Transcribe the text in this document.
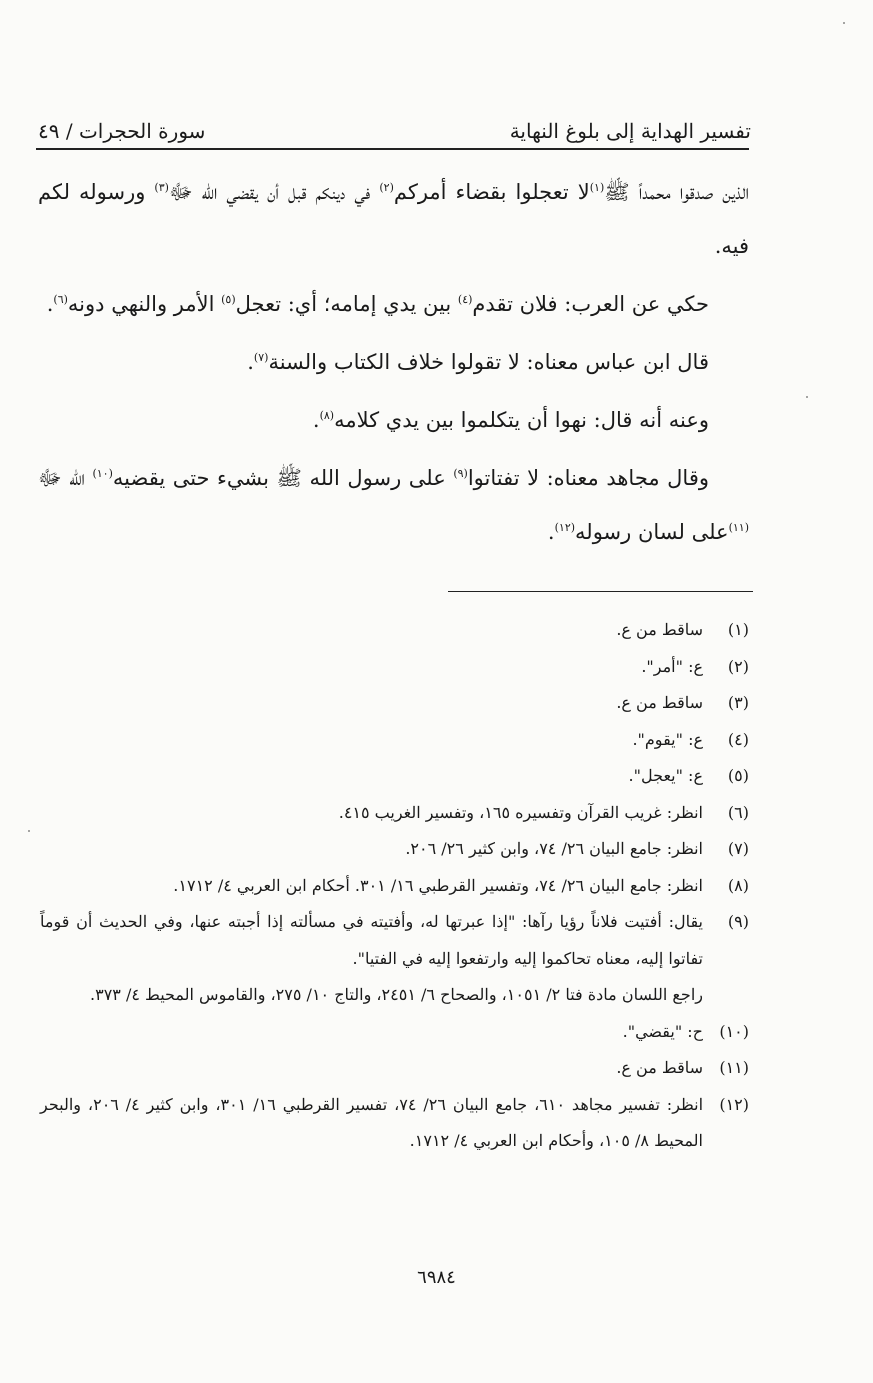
تفسير الهداية إلى بلوغ النهاية
سورة الحجرات / ٤٩

الذين صدقوا محمداً ﷺ$^{(١)}$لا تعجلوا بقضاء أمركم$^{(٢)}$ في دينكم قبل أن يقضي الله ﷻ$^{(٣)}$ ورسوله لكم فيه.

حكي عن العرب: فلان تقدم$^{(٤)}$ بين يدي إمامه؛ أي: تعجل$^{(٥)}$ الأمر والنهي دونه$^{(٦)}$.

قال ابن عباس معناه: لا تقولوا خلاف الكتاب والسنة$^{(٧)}$.

وعنه أنه قال: نهوا أن يتكلموا بين يدي كلامه$^{(٨)}$.

وقال مجاهد معناه: لا تفتاتوا$^{(٩)}$ على رسول الله ﷺ بشيء حتى يقضيه$^{(١٠)}$ الله ﷻ $^{(١١)}$على لسان رسوله$^{(١٢)}$.

(١)
ساقط من ع.
(٢)
ع: "أمر".
(٣)
ساقط من ع.
(٤)
ع: "يقوم".
(٥)
ع: "يعجل".
(٦)
انظر: غريب القرآن وتفسيره ١٦٥، وتفسير الغريب ٤١٥.
(٧)
انظر: جامع البيان ٢٦/ ٧٤، وابن كثير ٢٦/ ٢٠٦.
(٨)
انظر: جامع البيان ٢٦/ ٧٤، وتفسير القرطبي ١٦/ ٣٠١. أحكام ابن العربي ٤/ ١٧١٢.
(٩)
يقال: أفتيت فلاناً رؤيا رآها: "إذا عبرتها له، وأفتيته في مسألته إذا أجبته عنها، وفي الحديث أن قوماً تفاتوا إليه، معناه تحاكموا إليه وارتفعوا إليه في الفتيا".
راجع اللسان مادة فتا ٢/ ١٠٥١، والصحاح ٦/ ٢٤٥١، والتاج ١٠/ ٢٧٥، والقاموس المحيط ٤/ ٣٧٣.
(١٠)
ح: "يقضي".
(١١)
ساقط من ع.
(١٢)
انظر: تفسير مجاهد ٦١٠، جامع البيان ٢٦/ ٧٤، تفسير القرطبي ١٦/ ٣٠١، وابن كثير ٤/ ٢٠٦، والبحر المحيط ٨/ ١٠٥، وأحكام ابن العربي ٤/ ١٧١٢.
٦٩٨٤
